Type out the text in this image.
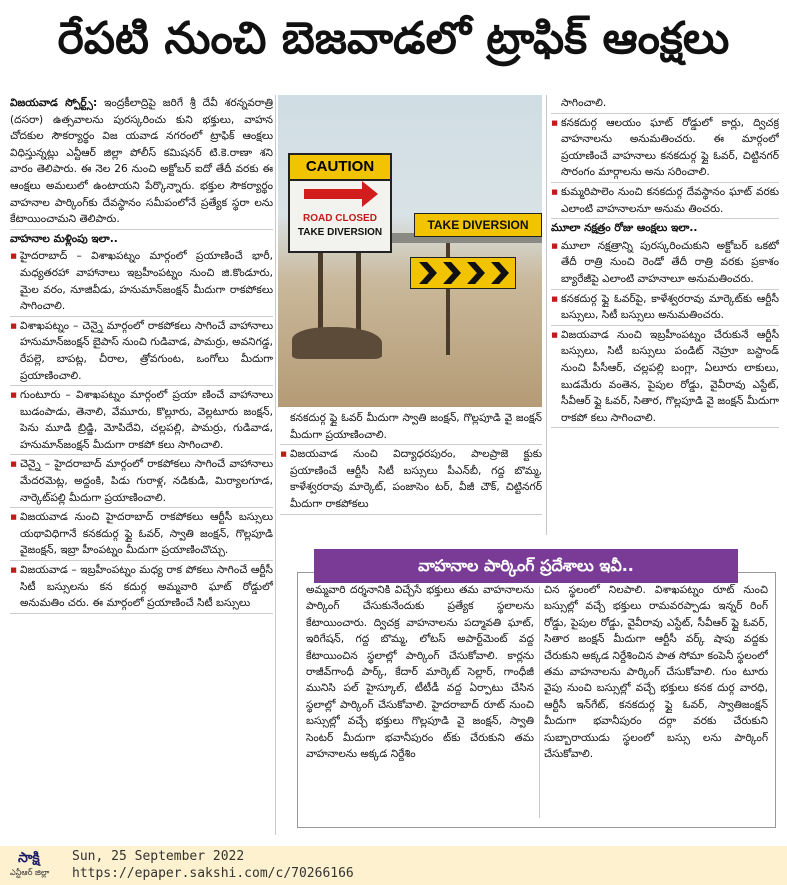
రేపటి నుంచి బెజవాడలో ట్రాఫిక్ ఆంక్షలు

విజయవాడ స్పోర్ట్స్: ఇంద్రకీలాద్రిపై జరిగే శ్రీ దేవీ శరన్నవరాత్రి (దసరా) ఉత్సవాలను పురస్కరించు కుని భక్తులు, వాహన చోదకుల సౌకర్యార్థం విజ యవాడ నగరంలో ట్రాఫిక్ ఆంక్షలు విధిస్తున్నట్లు ఎన్టీఆర్ జిల్లా పోలీస్ కమిషనర్ టి.కె.రాణా శని వారం తెలిపారు. ఈ నెల 26 నుంచి అక్టోబర్ ఐదో తేదీ వరకు ఈ ఆంక్షలు అమలులో ఉంటాయని పేర్కొన్నారు. భక్తుల సౌకర్యార్థం వాహనాల పార్కింగ్‌కు దేవస్థానం సమీపంలోనే ప్రత్యేక స్థరా లను కేటాయించామని తెలిపారు.

వాహనాల మళ్లింపు ఇలా..

▪ హైదరాబాద్ – విశాఖపట్నం మార్గంలో ప్రయాణించే భారీ, మధ్యతరహా వాహానాలు ఇబ్రహీంపట్నం నుంచి జి.కొండూరు, మైల వరం, నూజివీడు, హనుమాన్‌జంక్షన్ మీదుగా రాకపోకలు సాగించాలి.

▪ విశాఖపట్నం – చెన్నై మార్గంలో రాకపోకలు సాగించే వాహానాలు హనుమాన్‌జంక్షన్ బైపాస్ నుంచి గుడివాడ, పామర్రు, అవనిగడ్డ, రేపల్లె, బాపట్ల, చీరాల, త్రోవగుంట, ఒంగోలు మీదుగా ప్రయాణించాలి.

▪ గుంటూరు – విశాఖపట్నం మార్గంలో ప్రయా ణించే వాహానాలు బుడంపాడు, తెనాలి, వేమూరు, కొల్లూరు, వెల్లటూరు జంక్షన్, పెను మూడి బ్రిడ్జి, మోపిదేవి, చల్లపల్లి, పామర్రు, గుడివాడ, హనుమాన్‌జంక్షన్ మీదుగా రాకపో కలు సాగించాలి.

▪ చెన్నై – హైదరాబాద్ మార్గంలో రాకపోకలు సాగించే వాహానాలు మేదరమెట్ల, అద్దంకి, పిడు గురాళ్ల, నడికుడి, మిర్యాలగూడ, నార్కెట్‌పల్లి మీదుగా ప్రయాణించాలి.

▪ విజయవాడ నుంచి హైదరాబాద్ రాకపోకలు ఆర్టీసీ బస్సులు యథావిధిగానే కనకదుర్గ ఫ్లై ఓవర్, స్వాతి జంక్షన్, గొల్లపూడి వైజంక్షన్, ఇబ్రా హీంపట్నం మీదుగా ప్రయాణించొచ్చు.

▪ విజయవాడ – ఇబ్రహీంపట్నం మధ్య రాక పోకలు సాగించే ఆర్టీసీ సిటీ బస్సులను కన కదుర్గ అమ్మవారి ఘాట్ రోడ్డులో అనుమతిం చరు. ఈ మార్గంలో ప్రయాణించే సిటీ బస్సులు

CAUTION
ROAD CLOSED
TAKE DIVERSION
TAKE DIVERSION

కనకదుర్గ ఫ్లై ఓవర్ మీదుగా స్వాతి జంక్షన్, గొల్లపూడి వై జంక్షన్ మీదుగా ప్రయాణించాలి.

▪ విజయవాడ నుంచి విద్యాధరపురం, పాలప్రాజె క్టుకు ప్రయాణించే ఆర్టీసీ సిటీ బస్సులు పీఎన్‌బీ, గద్ద బొమ్మ, కాళేశ్వరరావు మార్కెట్, పంజాసెం టర్, వీజీ చౌక్, చిట్టినగర్ మీదుగా రాకపోకలు

సాగించాలి.

▪ కనకదుర్గ ఆలయం ఘాట్ రోడ్డులో కార్లు, ద్విచక్ర వాహనాలను అనుమతించరు. ఈ మార్గంలో ప్రయాణించే వాహనాలు కనకదుర్గ ఫ్లై ఓవర్, చిట్టినగర్ సొరంగం మార్గాలను అను సరించాలి.

▪ కుమ్మరిపాలెం నుంచి కనకదుర్గ దేవస్థానం ఘాట్ వరకు ఎలాంటి వాహనాలనూ అనుమ తించరు.

మూలా నక్షత్రం రోజు ఆంక్షలు ఇలా..

▪ మూలా నక్షత్రాన్ని పురస్కరించుకుని అక్టోబర్ ఒకటో తేదీ రాత్రి నుంచి రెండో తేదీ రాత్రి వరకు ప్రకాశం బ్యారేజీపై ఎలాంటి వాహనాలూ అనుమతించరు.

▪ కనకదుర్గ ఫ్లై ఓవర్‌పై, కాళేశ్వరరావు మార్కెట్‌కు ఆర్టీసీ బస్సులు, సిటీ బస్సులు అనుమతించరు.

▪ విజయవాడ నుంచి ఇబ్రహీంపట్నం చేరుకునే ఆర్టీసీ బస్సులు, సిటీ బస్సులు పండిట్ నెహ్రూ బస్టాండ్ నుంచి పీసీఆర్, చల్లపల్లి బంగ్లా, ఏలూరు లాకులు, బుడమేరు వంతెన, పైపుల రోడ్డు, వైవీరావు ఎస్టేట్, సీవీఆర్ ఫ్లై ఓవర్, సితార, గొల్లపూడి వై జంక్షన్ మీదుగా రాకపో కలు సాగించాలి.

వాహనాల పార్కింగ్ ప్రదేశాలు ఇవీ..
అమ్మవారి దర్శనానికి విచ్చేసే భక్తులు తమ వాహనాలను పార్కింగ్ చేసుకునేందుకు ప్రత్యేక స్థలాలను కేటాయించారు. ద్విచక్ర వాహనాలను పద్మావతి ఘాట్, ఇరిగేషన్, గద్ద బొమ్మ, లోటస్ అపార్ట్‌మెంట్ వద్ద కేటాయించిన స్థలాల్లో పార్కింగ్ చేసుకోవాలి. కార్లను రాజీవ్‌గాంధీ పార్క్, కేదార్ మార్కెట్ సెల్లార్, గాంధీజీ మునిసి పల్ హైస్కూల్, టీటీడీ వద్ద ఏర్పాటు చేసిన స్థలాల్లో పార్కింగ్ చేసుకోవాలి. హైదరాబాద్ రూట్ నుంచి బస్సుల్లో వచ్చే భక్తులు గొల్లపూడి వై జంక్షన్, స్వాతి సెంటర్ మీదుగా భవానీపురం ట్‌కు చేరుకుని తమ వాహనాలను అక్కడ నిర్దేశిం
చిన స్థలంలో నిలపాలి. విశాఖపట్నం రూట్ నుంచి బస్సుల్లో వచ్చే భక్తులు రామవరప్పాడు ఇన్నర్ రింగ్ రోడ్డు, పైపుల రోడ్డు, వైవీరావు ఎస్టేట్, సీవీఆర్ ఫ్లై ఓవర్, సితార జంక్షన్ మీదుగా ఆర్టీసీ వర్క్ షాపు వద్దకు చేరుకుని అక్కడ నిర్దేశించిన పాత సోమా కంపెనీ స్థలంలో తమ వాహనాలను పార్కింగ్ చేసుకోవాలి. గుం టూరు వైపు నుంచి బస్సుల్లో వచ్చే భక్తులు కనక దుర్గ వారధి, ఆర్టీసీ ఇన్‌గేట్, కనకదుర్గ ఫ్లై ఓవర్, స్వాతిజంక్షన్ మీదుగా భవానీపురం దర్గా వరకు చేరుకుని సుబ్బారాయుడు స్థలంలో బస్సు లను పార్కింగ్ చేసుకోవాలి.
సాక్షి
ఎన్టీఆర్ జిల్లా
Sun, 25 September 2022
https://epaper.sakshi.com/c/70266166
